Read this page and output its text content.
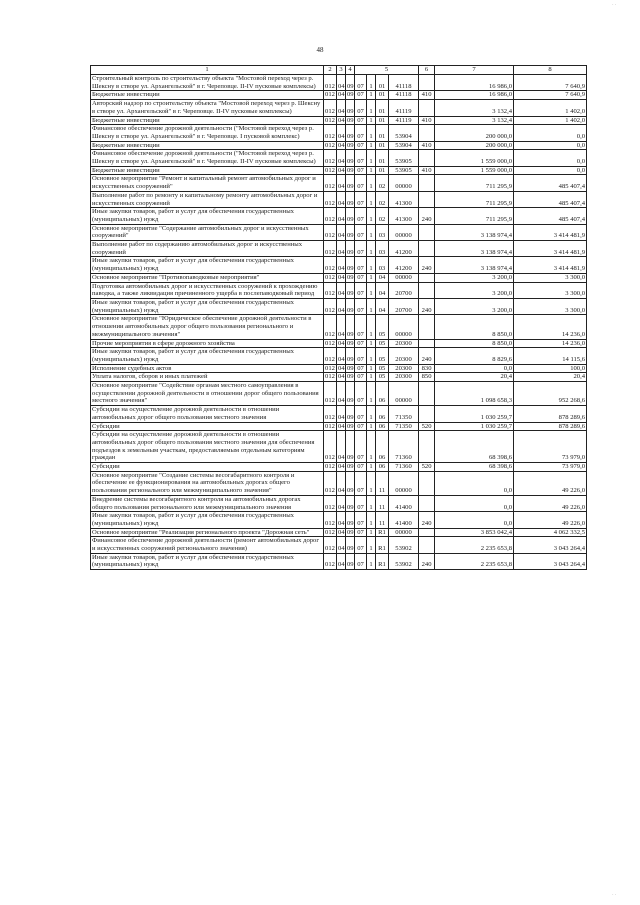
48
1	2	3	4	5				6	7	8
Строительный контроль по строительству объекта "Мостовой переход через р. Шексну в створе ул. Архангельской" в г. Череповце. II-IV пусковые комплексы)	012	04	09	07	1	01	41118		16 986,0	7 640,9
Бюджетные инвестиции	012	04	09	07	1	01	41118	410	16 986,0	7 640,9
Авторский надзор по строительству объекта "Мостовой переход через р. Шексну в створе ул. Архангельской" в г. Череповце. II-IV пусковые комплексы)	012	04	09	07	1	01	41119		3 132,4	1 402,0
Бюджетные инвестиции	012	04	09	07	1	01	41119	410	3 132,4	1 402,0
Финансовое обеспечение дорожной деятельности ("Мостовой переход через р. Шексну в створе ул. Архангельской" в г. Череповце. I пусковой комплекс)	012	04	09	07	1	01	53904		200 000,0	0,0
Бюджетные инвестиции	012	04	09	07	1	01	53904	410	200 000,0	0,0
Финансовое обеспечение дорожной деятельности ("Мостовой переход через р. Шексну в створе ул. Архангельской" в г. Череповце. II-IV пусковые комплексы)	012	04	09	07	1	01	53905		1 559 000,0	0,0
Бюджетные инвестиции	012	04	09	07	1	01	53905	410	1 559 000,0	0,0
Основное мероприятие "Ремонт и капитальный ремонт автомобильных дорог и искусственных сооружений"	012	04	09	07	1	02	00000		711 295,9	485 407,4
Выполнение работ по ремонту и капитальному ремонту автомобильных дорог и искусственных сооружений	012	04	09	07	1	02	41300		711 295,9	485 407,4
Иные закупки товаров, работ и услуг для обеспечения государственных (муниципальных) нужд	012	04	09	07	1	02	41300	240	711 295,9	485 407,4
Основное мероприятие "Содержание автомобильных дорог и искусственных сооружений"	012	04	09	07	1	03	00000		3 138 974,4	3 414 481,9
Выполнение работ по содержанию автомобильных дорог и искусственных сооружений	012	04	09	07	1	03	41200		3 138 974,4	3 414 481,9
Иные закупки товаров, работ и услуг для обеспечения государственных (муниципальных) нужд	012	04	09	07	1	03	41200	240	3 138 974,4	3 414 481,9
Основное мероприятие "Противопаводковые мероприятия"	012	04	09	07	1	04	00000		3 200,0	3 300,0
Подготовка автомобильных дорог и искусственных сооружений к прохождению паводка, а также ликвидация причиненного ущерба в послепаводковый период	012	04	09	07	1	04	20700		3 200,0	3 300,0
Иные закупки товаров, работ и услуг для обеспечения государственных (муниципальных) нужд	012	04	09	07	1	04	20700	240	3 200,0	3 300,0
Основное мероприятие "Юридическое обеспечение дорожной деятельности в отношении автомобильных дорог общего пользования регионального и межмуниципального значения"	012	04	09	07	1	05	00000		8 850,0	14 236,0
Прочие мероприятия в сфере дорожного хозяйства	012	04	09	07	1	05	20300		8 850,0	14 236,0
Иные закупки товаров, работ и услуг для обеспечения государственных (муниципальных) нужд	012	04	09	07	1	05	20300	240	8 829,6	14 115,6
Исполнение судебных актов	012	04	09	07	1	05	20300	830	0,0	100,0
Уплата налогов, сборов и иных платежей	012	04	09	07	1	05	20300	850	20,4	20,4
Основное мероприятие "Содействие органам местного самоуправления в осуществлении дорожной деятельности в отношении дорог общего пользования местного значения"	012	04	09	07	1	06	00000		1 098 658,3	952 268,6
Субсидии на осуществление дорожной деятельности в отношении автомобильных дорог общего пользования местного значения	012	04	09	07	1	06	71350		1 030 259,7	878 289,6
Субсидии	012	04	09	07	1	06	71350	520	1 030 259,7	878 289,6
Субсидии на осуществление дорожной деятельности в отношении автомобильных дорог общего пользования местного значения для обеспечения подъездов к земельным участкам, предоставляемым отдельным категориям граждан	012	04	09	07	1	06	71360		68 398,6	73 979,0
Субсидии	012	04	09	07	1	06	71360	520	68 398,6	73 979,0
Основное мероприятие "Создание системы весогабаритного контроля и обеспечение ее функционирования на автомобильных дорогах общего пользования регионального или межмуниципального значения"	012	04	09	07	1	11	00000		0,0	49 226,0
Внедрение системы весогабаритного контроля на автомобильных дорогах общего пользования регионального или межмуниципального значения	012	04	09	07	1	11	41400		0,0	49 226,0
Иные закупки товаров, работ и услуг для обеспечения государственных (муниципальных) нужд	012	04	09	07	1	11	41400	240	0,0	49 226,0
Основное мероприятие "Реализация регионального проекта "Дорожная сеть"	012	04	09	07	1	R1	00000		3 853 042,4	4 062 332,5
Финансовое обеспечение дорожной деятельности (ремонт автомобильных дорог и искусственных сооружений регионального значения)	012	04	09	07	1	R1	53902		2 235 653,8	3 043 264,4
Иные закупки товаров, работ и услуг для обеспечения государственных (муниципальных) нужд	012	04	09	07	1	R1	53902	240	2 235 653,8	3 043 264,4
· ·
· ·
